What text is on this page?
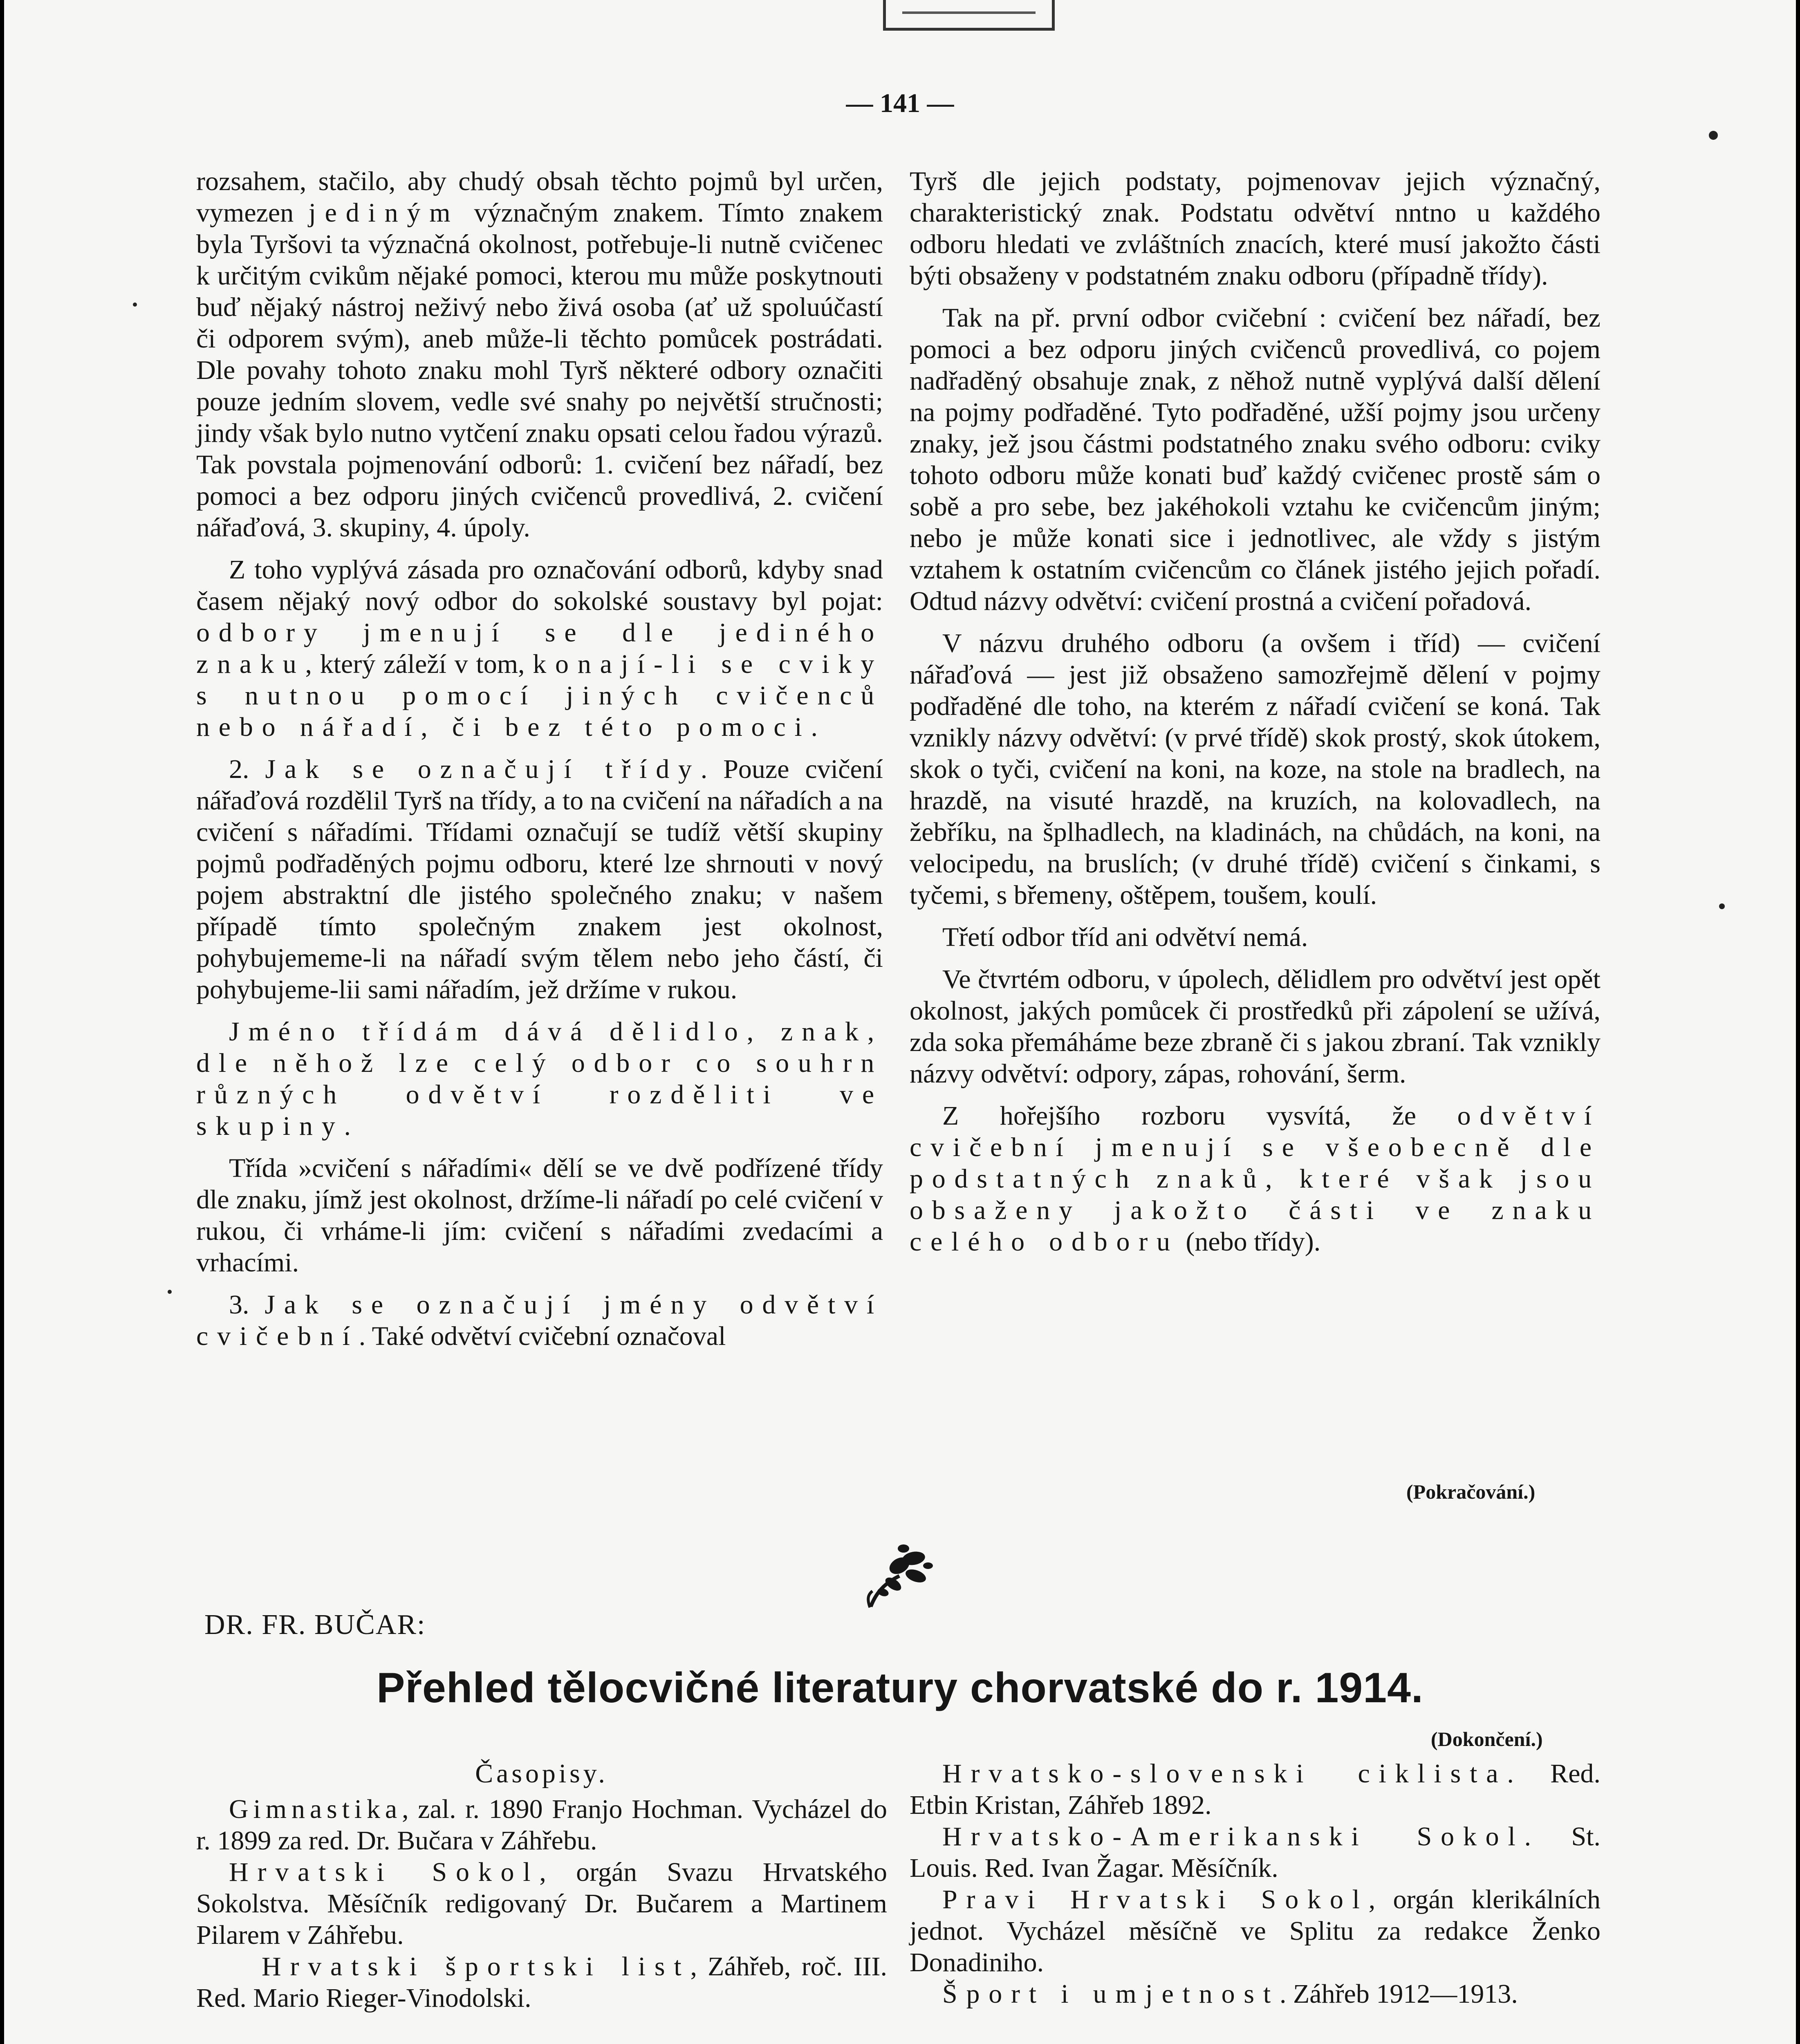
— 141 —

rozsahem, stačilo, aby chudý obsah těchto pojmů byl určen, vymezen jediným význačným znakem. Tímto znakem byla Tyršovi ta význačná okolnost, potřebuje-li nutně cvičenec k určitým cvikům nějaké pomoci, kterou mu může poskytnouti buď nějaký nástroj neživý nebo živá osoba (ať už spoluúčastí či odporem svým), aneb může-li těchto pomůcek postrádati. Dle povahy tohoto znaku mohl Tyrš některé odbory označiti pouze jedním slovem, vedle své snahy po největší stručnosti; jindy však bylo nutno vytčení znaku opsati celou řadou výrazů. Tak povstala pojmenování odborů: 1. cvičení bez nářadí, bez pomoci a bez odporu jiných cvičenců provedlivá, 2. cvičení nářaďová, 3. skupiny, 4. úpoly.

Z toho vyplývá zásada pro označování odborů, kdyby snad časem nějaký nový odbor do sokolské soustavy byl pojat: odbory jmenují se dle jediného znaku, který záleží v tom, konají-li se cviky s nutnou pomocí jiných cvičenců nebo nářadí, či bez této pomoci.

2. Jak se označují třídy. Pouze cvičení nářaďová rozdělil Tyrš na třídy, a to na cvičení na nářadích a na cvičení s nářadími. Třídami označují se tudíž větší skupiny pojmů podřaděných pojmu odboru, které lze shrnouti v nový pojem abstraktní dle jistého společného znaku; v našem případě tímto společným znakem jest okolnost, pohybujememe-li na nářadí svým tělem nebo jeho částí, či pohybujeme-lii sami nářadím, jež držíme v rukou.

Jméno třídám dává dělidlo, znak, dle něhož lze celý odbor co souhrn různých odvětví rozděliti ve skupiny.

Třída »cvičení s nářadími« dělí se ve dvě podřízené třídy dle znaku, jímž jest okolnost, držíme-li nářadí po celé cvičení v rukou, či vrháme-li jím: cvičení s nářadími zvedacími a vrhacími.

3. Jak se označují jmény odvětví cvičební. Také odvětví cvičební označoval

Tyrš dle jejich podstaty, pojmenovav jejich význačný, charakteristický znak. Podstatu odvětví nntno u každého odboru hledati ve zvláštních znacích, které musí jakožto části býti obsaženy v podstatném znaku odboru (případně třídy).

Tak na př. první odbor cvičební : cvičení bez nářadí, bez pomoci a bez odporu jiných cvičenců provedlivá, co pojem nadřaděný obsahuje znak, z něhož nutně vyplývá další dělení na pojmy podřaděné. Tyto podřaděné, užší pojmy jsou určeny znaky, jež jsou částmi podstatného znaku svého odboru: cviky tohoto odboru může konati buď každý cvičenec prostě sám o sobě a pro sebe, bez jakéhokoli vztahu ke cvičencům jiným; nebo je může konati sice i jednotlivec, ale vždy s jistým vztahem k ostatním cvičencům co článek jistého jejich pořadí. Odtud názvy odvětví: cvičení prostná a cvičení pořadová.

V názvu druhého odboru (a ovšem i tříd) — cvičení nářaďová — jest již obsaženo samozřejmě dělení v pojmy podřaděné dle toho, na kterém z nářadí cvičení se koná. Tak vznikly názvy odvětví: (v prvé třídě) skok prostý, skok útokem, skok o tyči, cvičení na koni, na koze, na stole na bradlech, na hrazdě, na visuté hrazdě, na kruzích, na kolovadlech, na žebříku, na šplhadlech, na kladinách, na chůdách, na koni, na velocipedu, na bruslích; (v druhé třídě) cvičení s činkami, s tyčemi, s břemeny, oštěpem, toušem, koulí.

Třetí odbor tříd ani odvětví nemá.

Ve čtvrtém odboru, v úpolech, dělidlem pro odvětví jest opět okolnost, jakých pomůcek či prostředků při zápolení se užívá, zda soka přemáháme beze zbraně či s jakou zbraní. Tak vznikly názvy odvětví: odpory, zápas, rohování, šerm.

Z hořejšího rozboru vysvítá, že odvětví cvičební jmenují se všeobecně dle podstatných znaků, které však jsou obsaženy jakožto části ve znaku celého odboru (nebo třídy).

(Pokračování.)
DR. FR. BUČAR:
Přehled tělocvičné literatury chorvatské do r. 1914.
(Dokončení.)

Časopisy.

Gimnastika, zal. r. 1890 Franjo Hochman. Vycházel do r. 1899 za red. Dr. Bučara v Záhřebu.

Hrvatski Sokol, orgán Svazu Hrvatského Sokolstva. Měsíčník redigovaný Dr. Bučarem a Martinem Pilarem v Záhřebu.

Hrvatski športski list, Záhřeb, roč. III. Red. Mario Rieger-Vinodolski.

Hrvatsko-slovenski ciklista. Red. Etbin Kristan, Záhřeb 1892.

Hrvatsko-Amerikanski Sokol. St. Louis. Red. Ivan Žagar. Měsíčník.

Pravi Hrvatski Sokol, orgán klerikálních jednot. Vycházel měsíčně ve Splitu za redakce Ženko Donadiniho.

Šport i umjetnost. Záhřeb 1912—1913.
